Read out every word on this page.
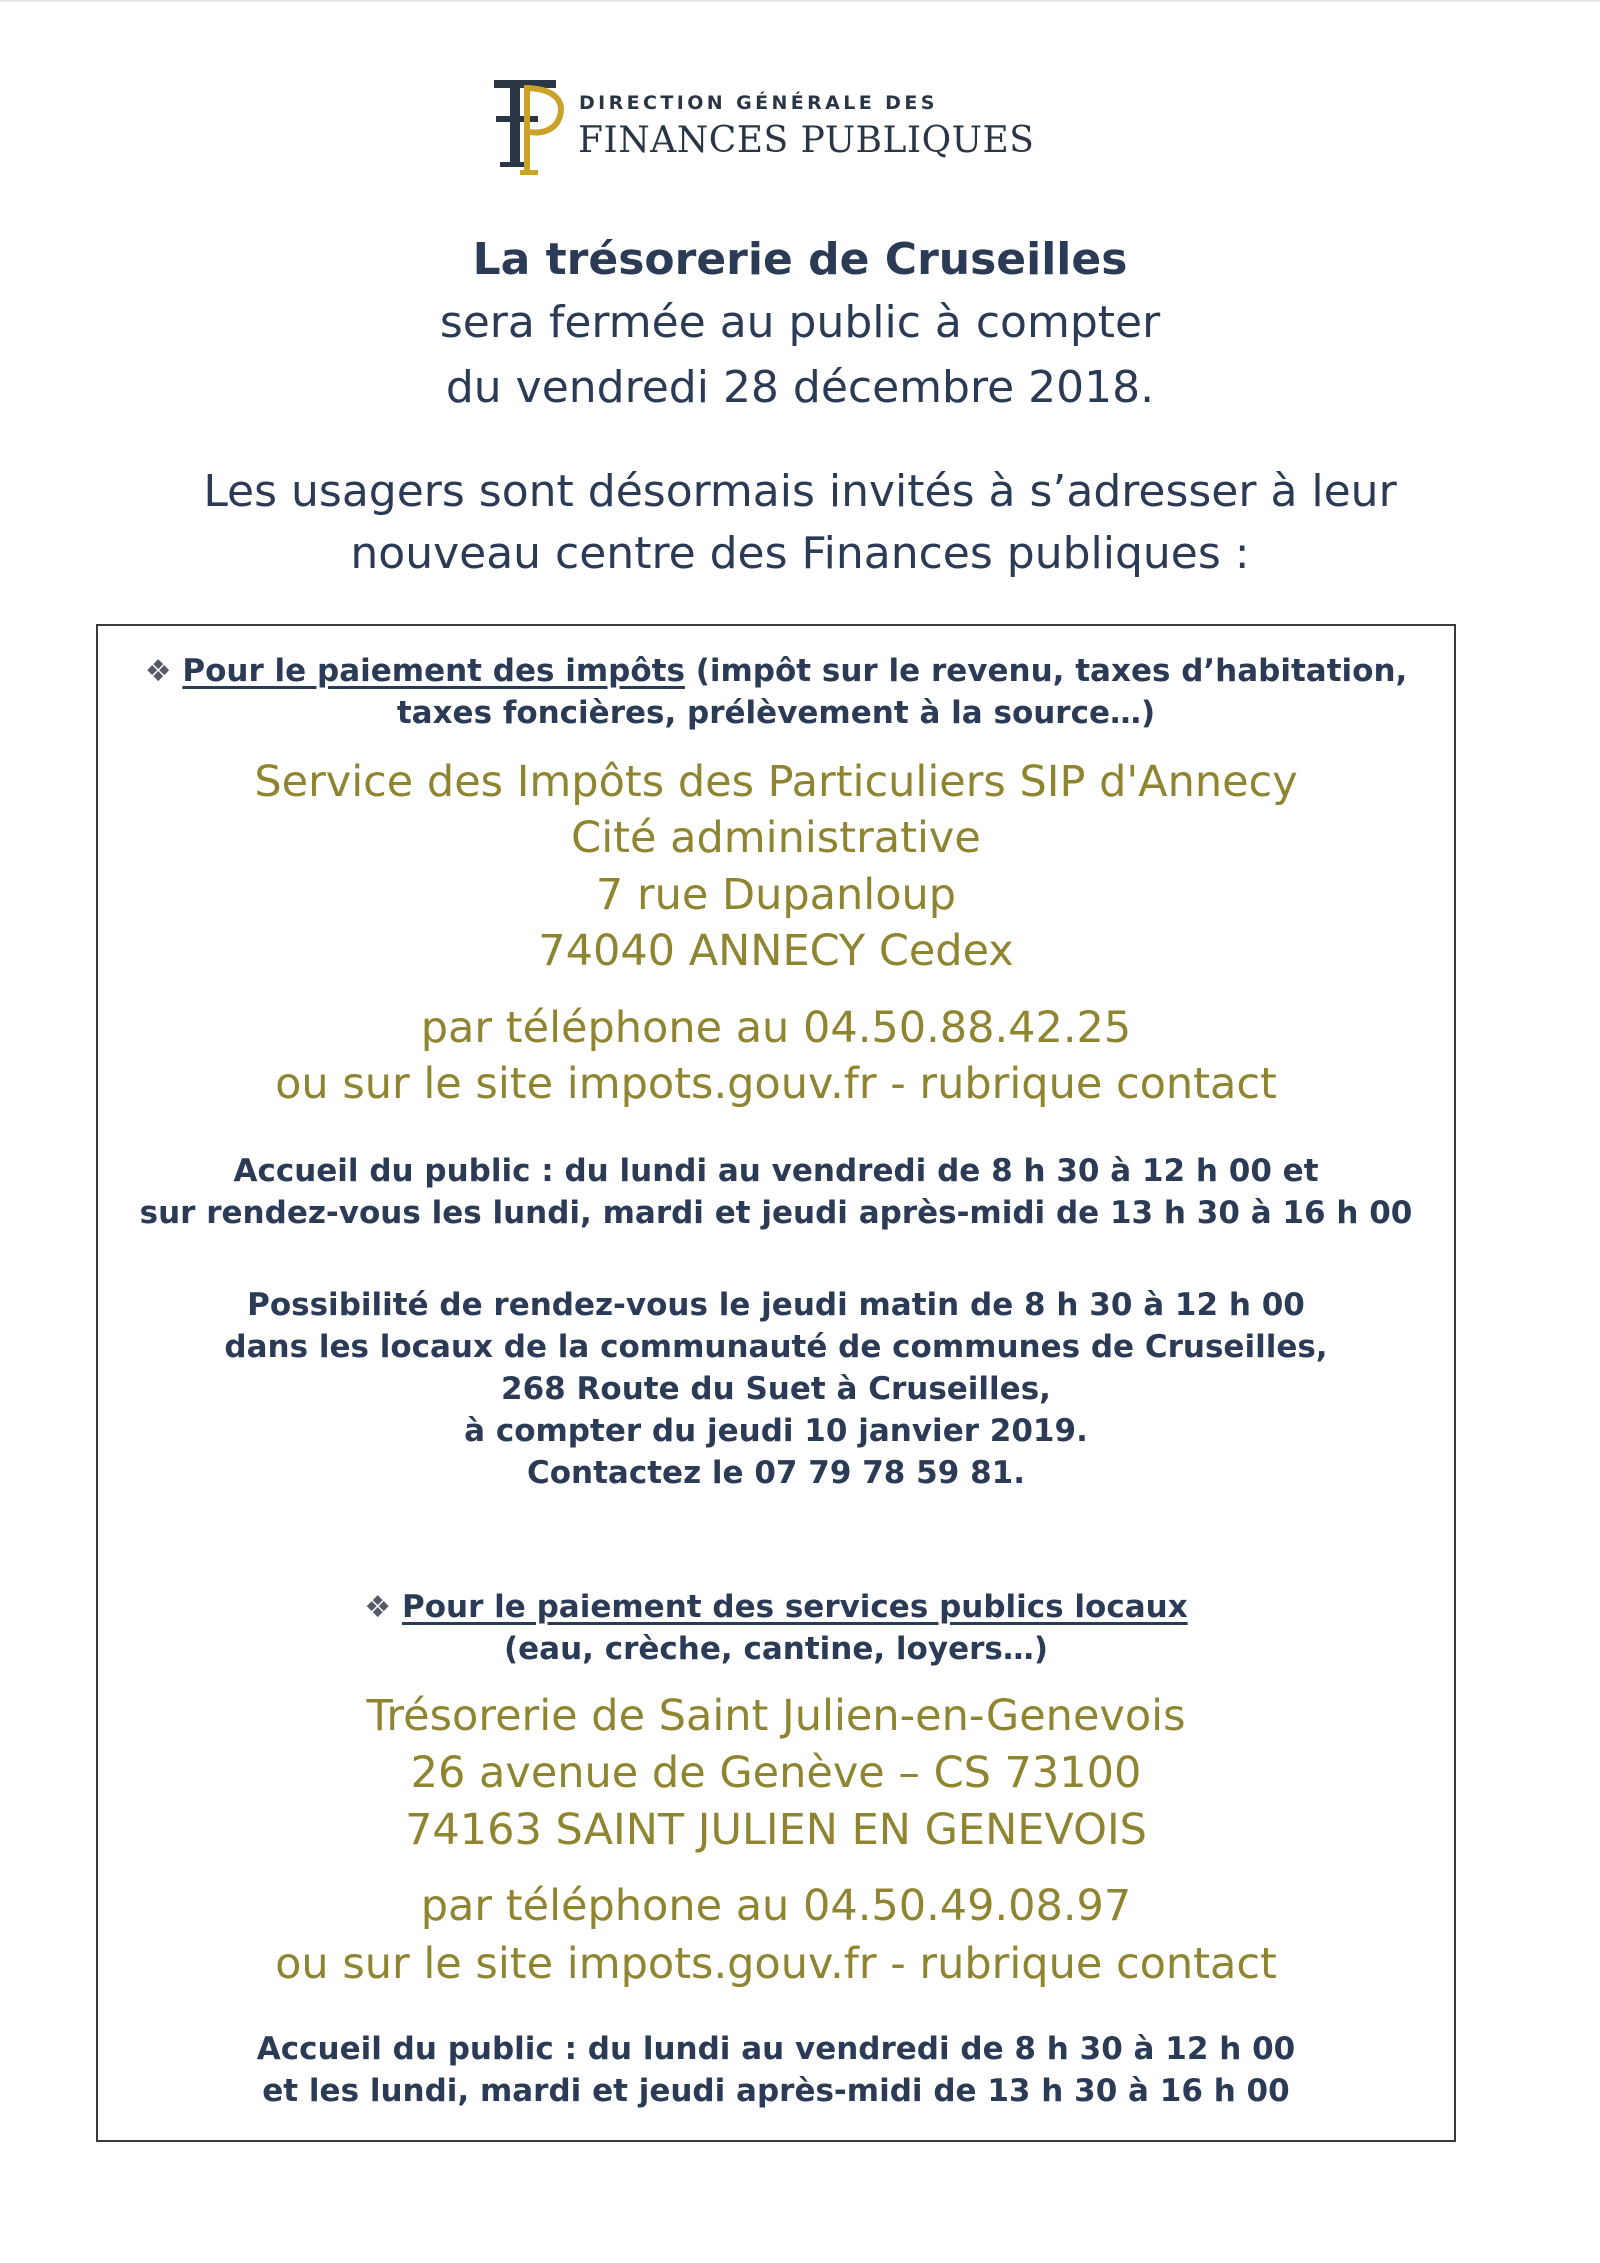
DIRECTION GÉNÉRALE DES
FINANCES PUBLIQUES
La trésorerie de Cruseilles
sera fermée au public à compter
du vendredi 28 décembre 2018.
Les usagers sont désormais invités à s’adresser à leur
nouveau centre des Finances publiques :
❖ Pour le paiement des impôts (impôt sur le revenu, taxes d’habitation,
taxes foncières, prélèvement à la source…)
Service des Impôts des Particuliers SIP d'Annecy
Cité administrative
7 rue Dupanloup
74040 ANNECY Cedex
par téléphone au 04.50.88.42.25
ou sur le site impots.gouv.fr - rubrique contact
Accueil du public : du lundi au vendredi de 8 h 30 à 12 h 00 et
sur rendez-vous les lundi, mardi et jeudi après-midi de 13 h 30 à 16 h 00
Possibilité de rendez-vous le jeudi matin de 8 h 30 à 12 h 00
dans les locaux de la communauté de communes de Cruseilles,
268 Route du Suet à Cruseilles,
à compter du jeudi 10 janvier 2019.
Contactez le 07 79 78 59 81.
❖ Pour le paiement des services publics locaux
(eau, crèche, cantine, loyers…)
Trésorerie de Saint Julien-en-Genevois
26 avenue de Genève – CS 73100
74163 SAINT JULIEN EN GENEVOIS
par téléphone au 04.50.49.08.97
ou sur le site impots.gouv.fr - rubrique contact
Accueil du public : du lundi au vendredi de 8 h 30 à 12 h 00
et les lundi, mardi et jeudi après-midi de 13 h 30 à 16 h 00
